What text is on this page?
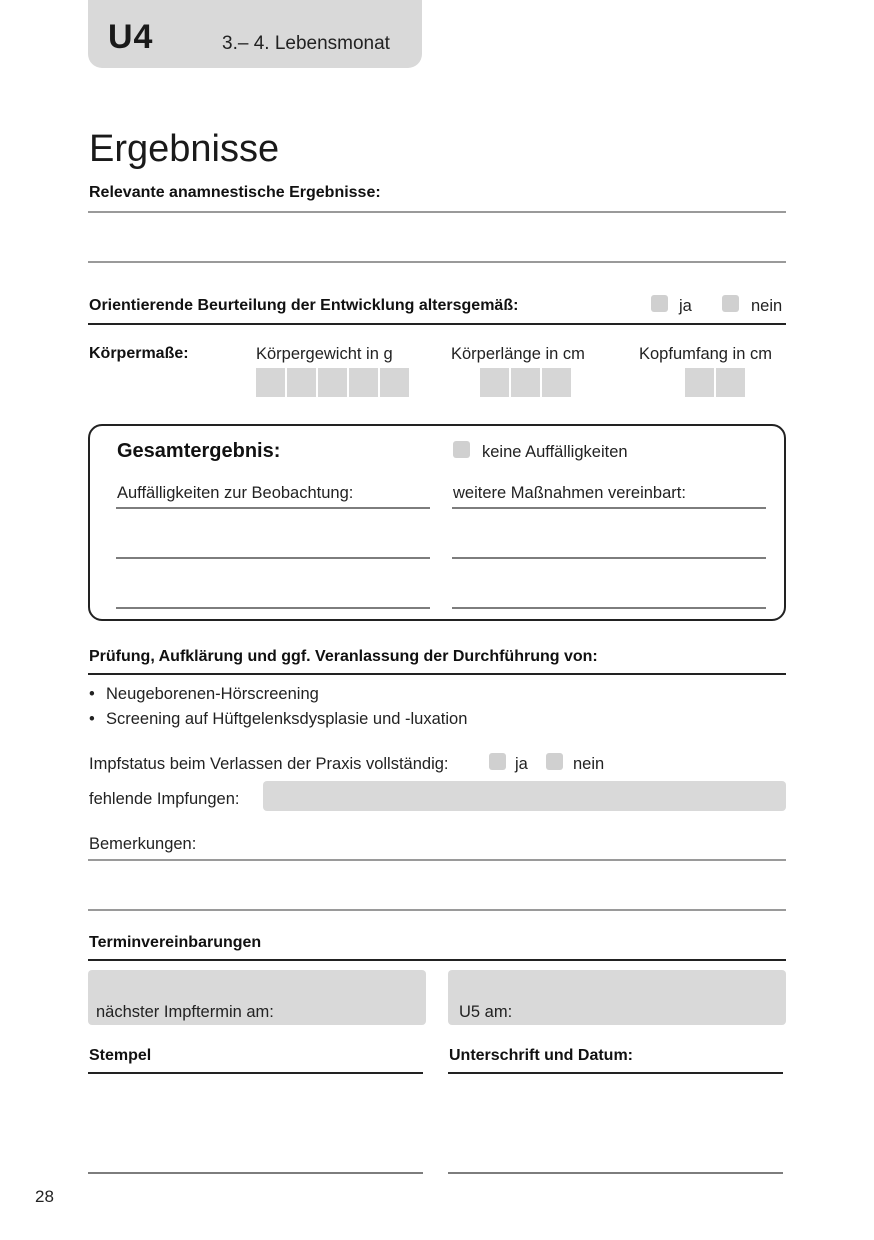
U4	3.– 4. Lebensmonat
Ergebnisse
Relevante anamnestische Ergebnisse:
Orientierende Beurteilung der Entwicklung altersgemäß:	ja	nein
Körpermaße:	Körpergewicht in g	Körperlänge in cm	Kopfumfang in cm
Gesamtergebnis:	keine Auffälligkeiten
Auffälligkeiten zur Beobachtung:	weitere Maßnahmen vereinbart:
Prüfung, Aufklärung und ggf. Veranlassung der Durchführung von:
• Neugeborenen-Hörscreening
• Screening auf Hüftgelenksdysplasie und -luxation
Impfstatus beim Verlassen der Praxis vollständig:	ja	nein
fehlende Impfungen:
Bemerkungen:
Terminvereinbarungen
nächster Impftermin am:	U5 am:
Stempel	Unterschrift und Datum:
28
